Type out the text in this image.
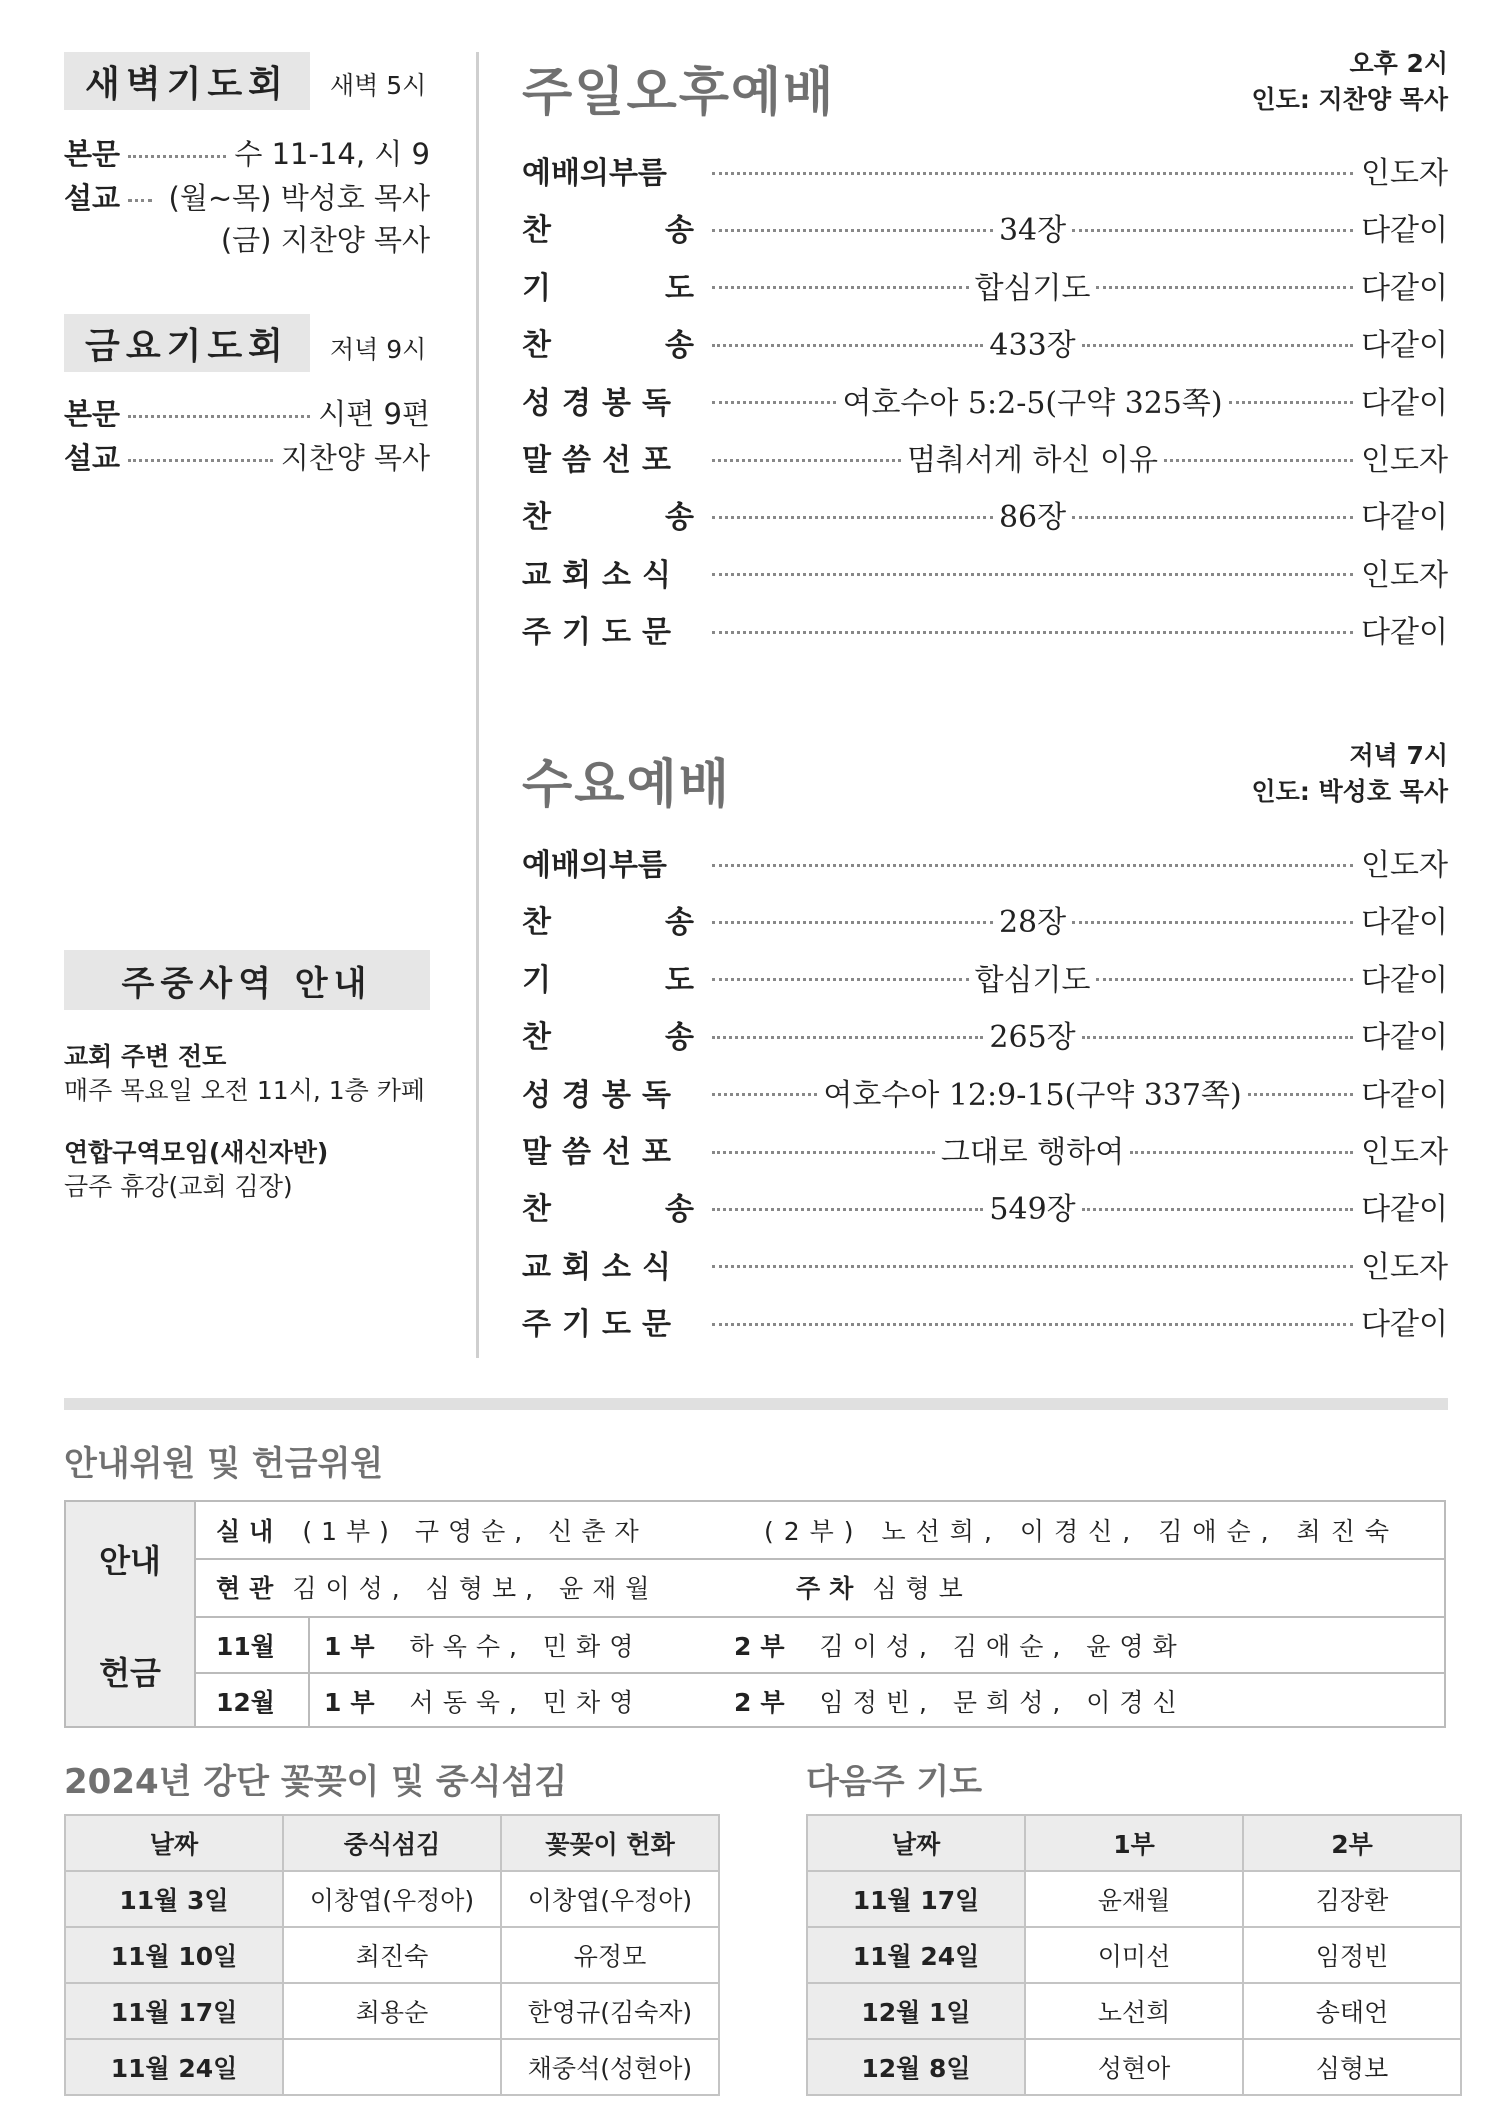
새벽기도회	새벽 5시
본문	수 11-14, 시 9
설교 (월~목) 박성호 목사
(금) 지찬양 목사
금요기도회	저녁 9시
본문	시편 9편
설교	지찬양 목사
주중사역 안내
교회 주변 전도
매주 목요일 오전 11시, 1층 카페
연합구역모임(새신자반)
금주 휴강(교회 김장)
주일오후예배	오후 2시
인도: 지찬양 목사
예배의부름	인도자
찬	송	34장	다같이
기	도	합심기도	다같이
찬	송	433장	다같이
성경봉독	여호수아 5:2-5(구약 325쪽)	다같이
말씀선포	멈춰서게 하신 이유	인도자
찬	송	86장	다같이
교회소식	인도자
주기도문	다같이
수요예배	저녁 7시
인도: 박성호 목사
예배의부름	인도자
찬	송	28장	다같이
기	도	합심기도	다같이
찬	송	265장	다같이
성경봉독	여호수아 12:9-15(구약 337쪽)	다같이
말씀선포	그대로 행하여	인도자
찬	송	549장	다같이
교회소식	인도자
주기도문	다같이
안내위원 및 헌금위원
안내
헌금
실내 (1부) 구영순, 신춘자	(2부) 노선희, 이경신, 김애순, 최진숙
현관 김이성, 심형보, 윤재월	주차 심형보
11월 1부 하옥수, 민화영	2부 김이성, 김애순, 윤영화
12월 1부 서동욱, 민차영	2부 임정빈, 문희성, 이경신
2024년 강단 꽃꽂이 및 중식섬김
날짜	중식섬김	꽃꽂이 헌화
11월 3일	이창엽(우정아)	이창엽(우정아)
11월 10일	최진숙	유정모
11월 17일	최용순	한영규(김숙자)
11월 24일		채중석(성현아)
다음주 기도
날짜	1부	2부
11월 17일	윤재월	김장환
11월 24일	이미선	임정빈
12월 1일	노선희	송태언
12월 8일	성현아	심형보
